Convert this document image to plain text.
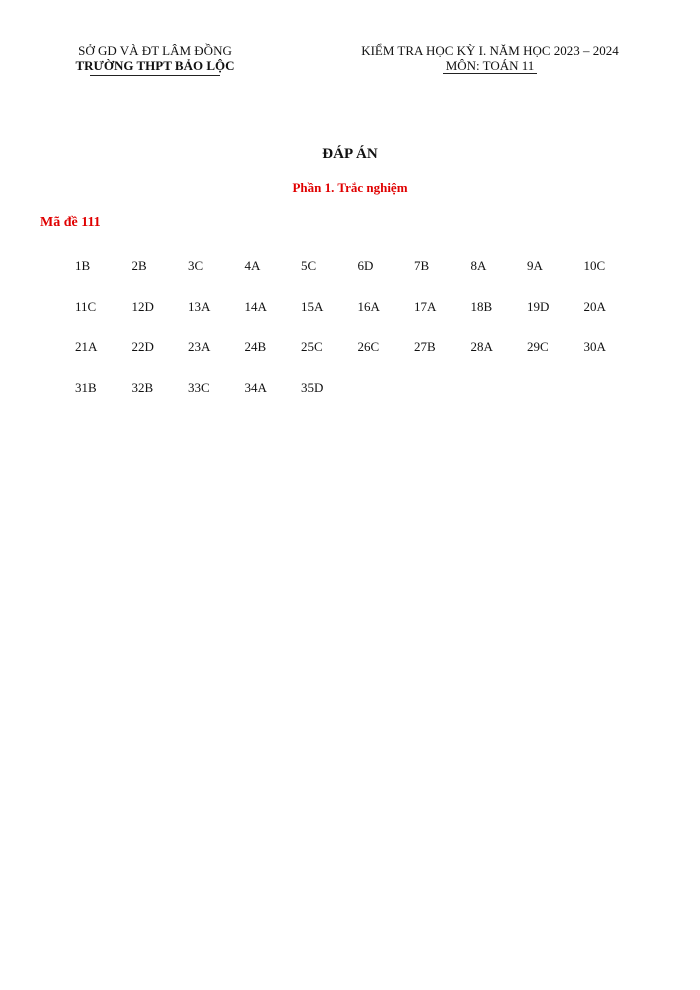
SỞ GD VÀ ĐT LÂM ĐỒNG
TRƯỜNG THPT BẢO LỘC
KIỂM TRA HỌC KỲ I. NĂM HỌC 2023 – 2024
MÔN: TOÁN 11
ĐÁP ÁN
Phần 1. Trắc nghiệm
Mã đề 111
1B	2B	3C	4A	5C	6D	7B	8A	9A	10C
11C	12D	13A	14A	15A	16A	17A	18B	19D	20A
21A	22D	23A	24B	25C	26C	27B	28A	29C	30A
31B	32B	33C	34A	35D
